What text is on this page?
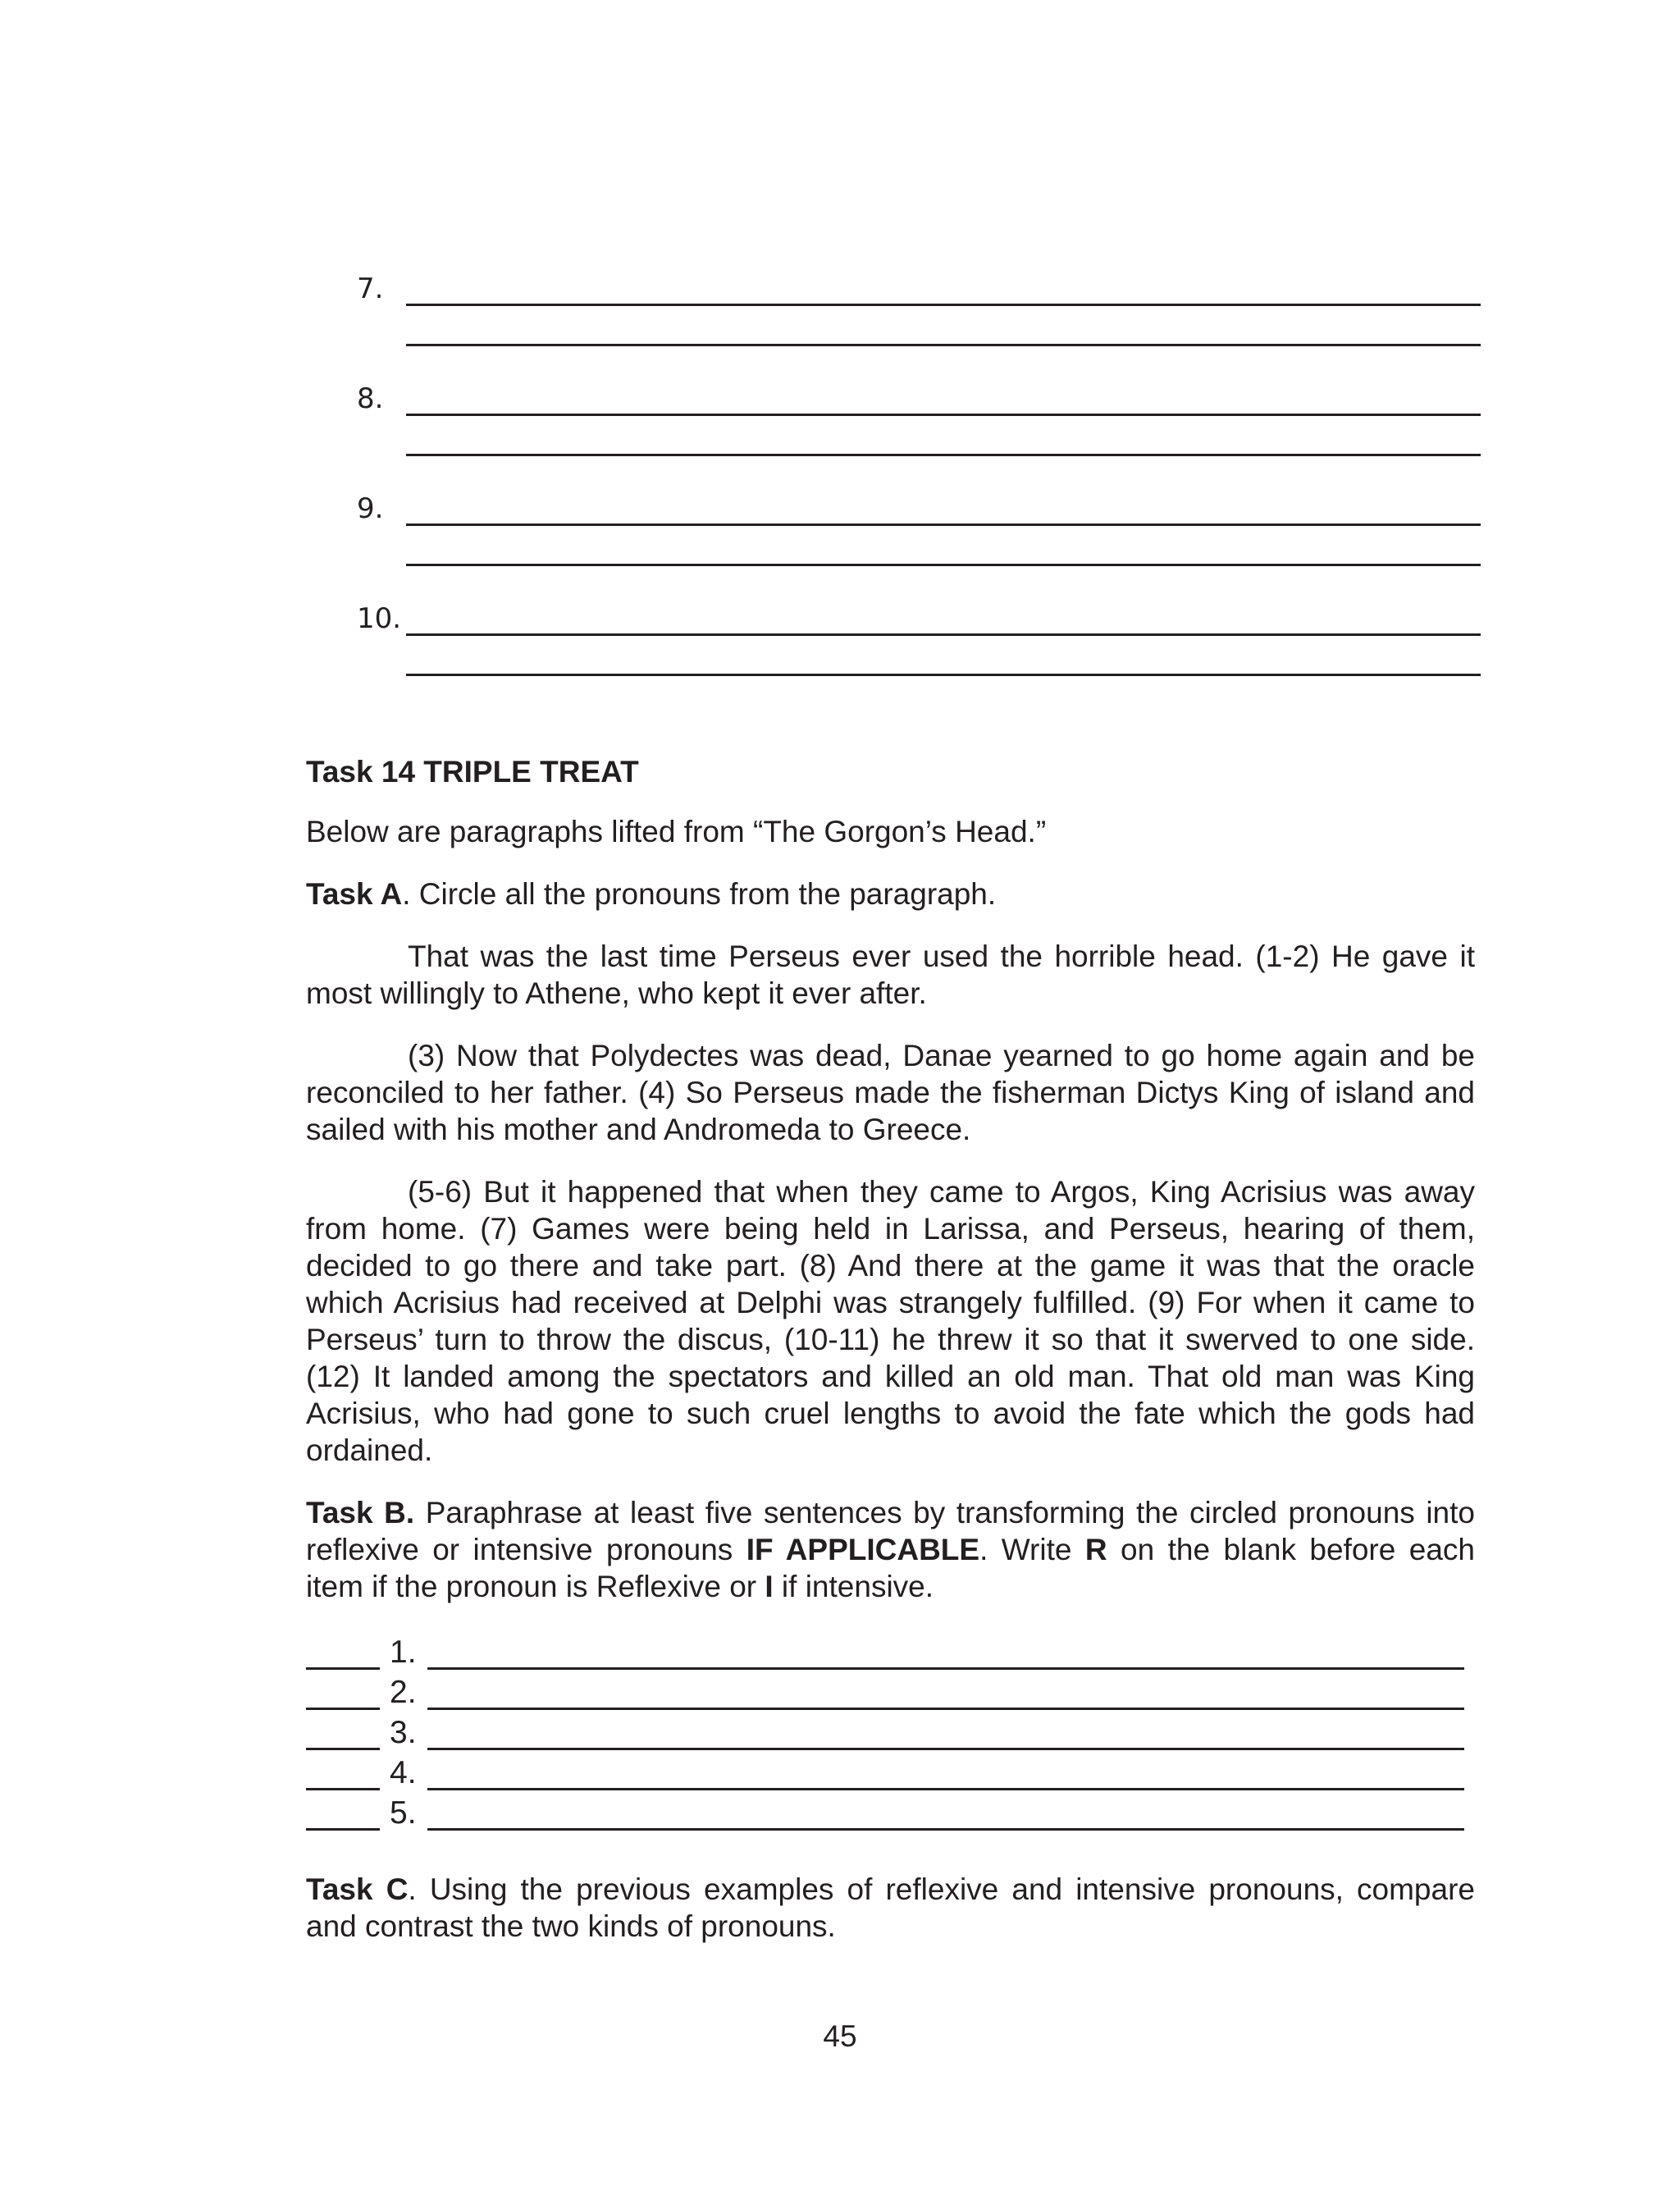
7.
8.
9.
10.
Task 14 TRIPLE TREAT
Below are paragraphs lifted from “The Gorgon’s Head.”
Task A. Circle all the pronouns from the paragraph.
That was the last time Perseus ever used the horrible head. (1-2) He gave it most willingly to Athene, who kept it ever after.
(3) Now that Polydectes was dead, Danae yearned to go home again and be reconciled to her father. (4) So Perseus made the fisherman Dictys King of island and sailed with his mother and Andromeda to Greece.
(5-6) But it happened that when they came to Argos, King Acrisius was away from home. (7) Games were being held in Larissa, and Perseus, hearing of them, decided to go there and take part. (8) And there at the game it was that the oracle which Acrisius had received at Delphi was strangely fulfilled. (9) For when it came to Perseus’ turn to throw the discus, (10-11) he threw it so that it swerved to one side. (12) It landed among the spectators and killed an old man. That old man was King Acrisius, who had gone to such cruel lengths to avoid the fate which the gods had ordained.
Task B. Paraphrase at least five sentences by transforming the circled pronouns into reflexive or intensive pronouns IF APPLICABLE. Write R on the blank before each item if the pronoun is Reflexive or I if intensive.
1.
2.
3.
4.
5.
Task C. Using the previous examples of reflexive and intensive pronouns, compare and contrast the two kinds of pronouns.
45
